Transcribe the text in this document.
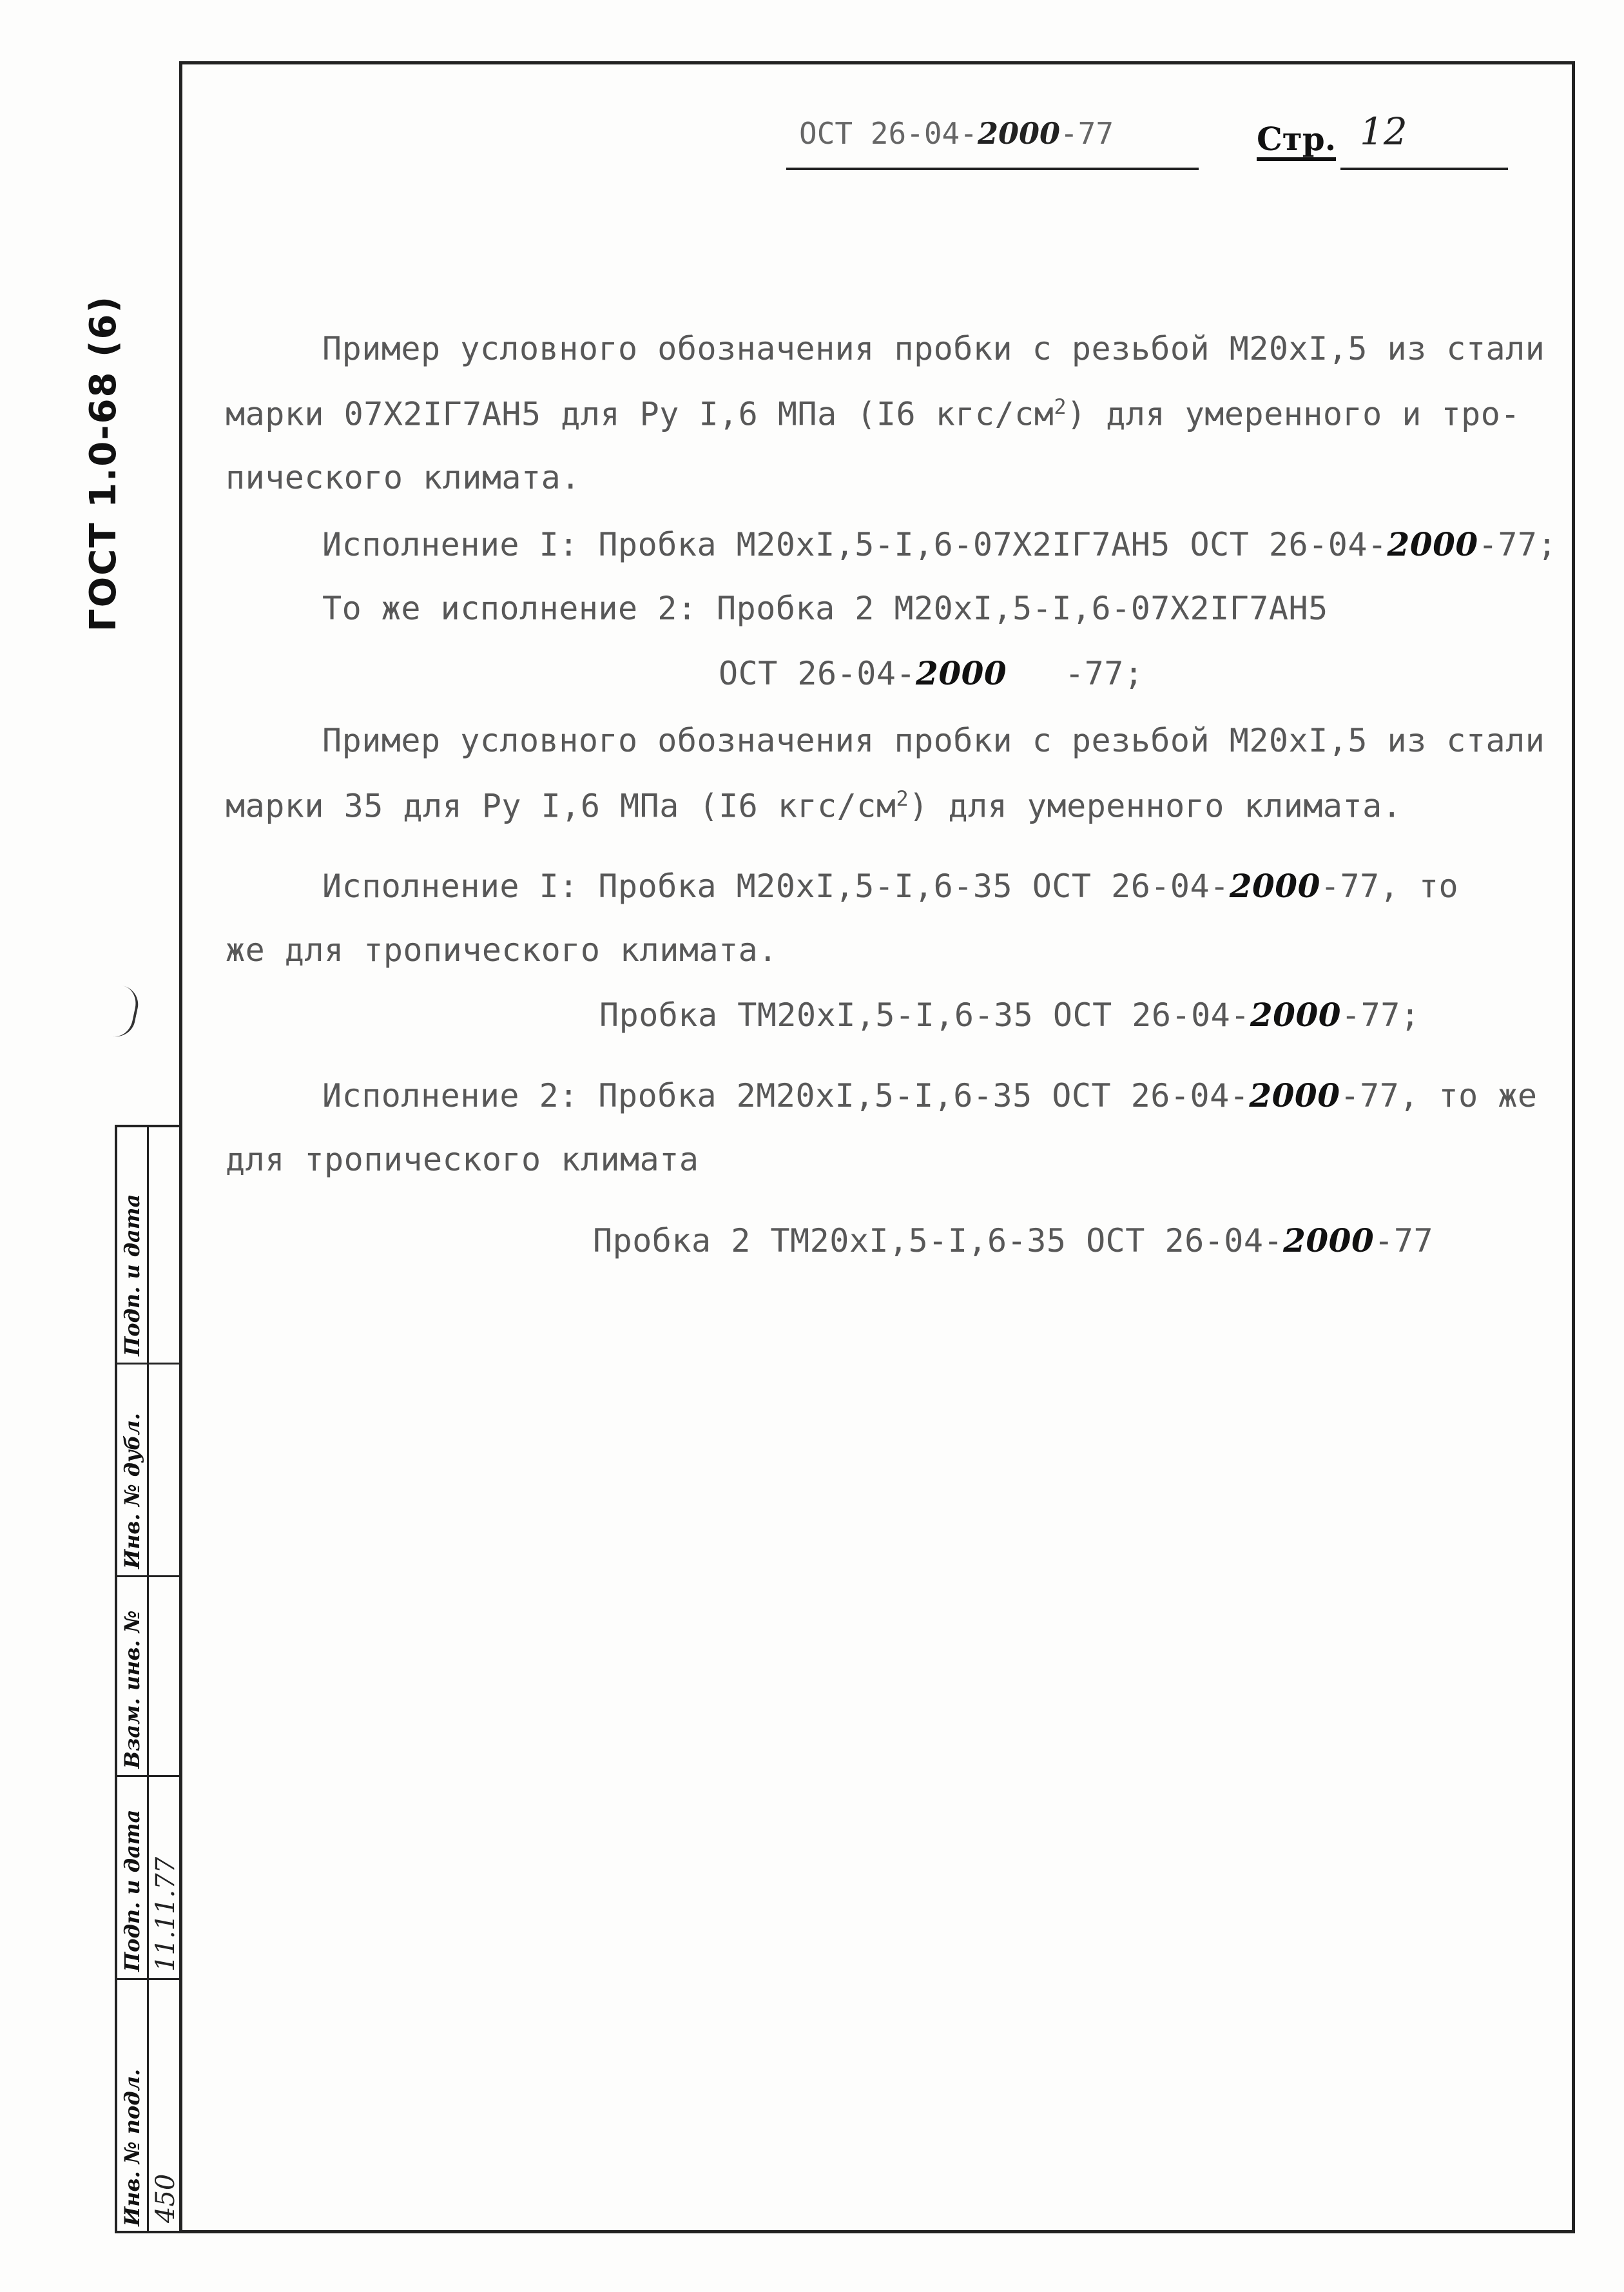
ГОСТ 1.0-68 (6)
Подп. и дата
Инв. № дубл.
Взам. инв. №
Подп. и дата
Инв. № подл.
11.11.77
450
ОСТ 26-04-2000-77	Стр. 12
Пример условного обозначения пробки с резьбой М20хI,5 из стали
марки 07Х2IГ7АН5 для Ру I,6 МПа (I6 кгс/$см^2$) для умеренного и тро-
пического климата.
Исполнение I: Пробка М20хI,5-I,6-07Х2IГ7АН5 ОСТ 26-04-2000-77;
То же исполнение 2: Пробка 2 М20хI,5-I,6-07Х2IГ7АН5
ОСТ 26-04-2000 -77;
Пример условного обозначения пробки с резьбой М20хI,5 из стали
марки 35 для Ру I,6 МПа (I6 кгс/$см^2$) для умеренного климата.
Исполнение I: Пробка М20хI,5-I,6-35 ОСТ 26-04-2000-77, то
же для тропического климата.
Пробка ТМ20хI,5-I,6-35 ОСТ 26-04-2000-77;
Исполнение 2: Пробка 2М20хI,5-I,6-35 ОСТ 26-04-2000-77, то же
для тропического климата
Пробка 2 ТМ20хI,5-I,6-35 ОСТ 26-04-2000-77
